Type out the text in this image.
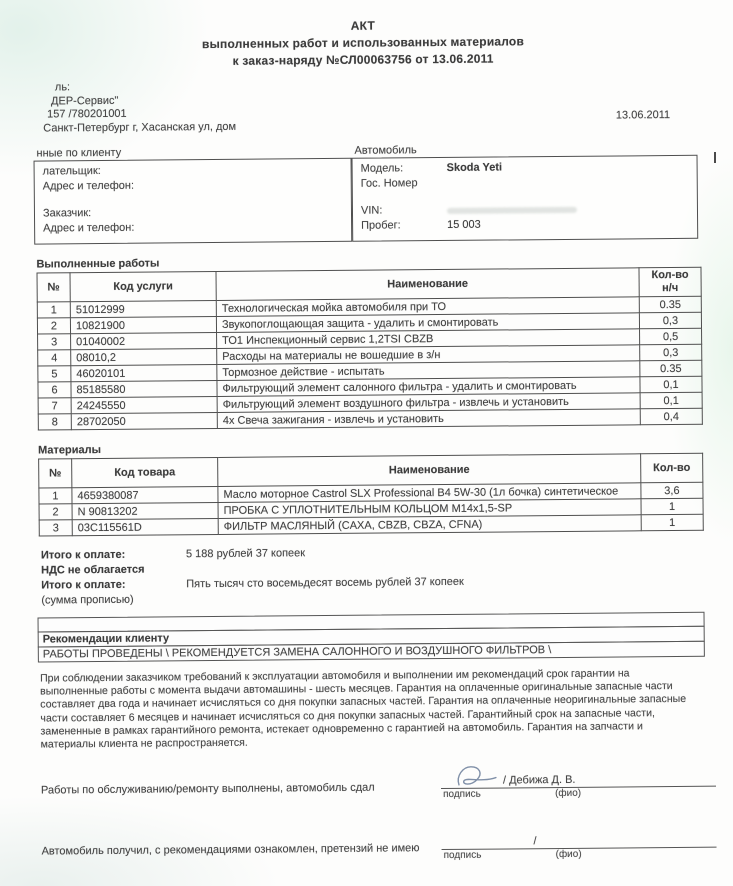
АКТ
выполненных работ и использованных материалов
к заказ-наряду №СЛ00063756 от 13.06.2011
ль:
ДЕР-Сервис"
157 /780201001
Санкт-Петербург г, Хасанская ул, дом
13.06.2011
нные по клиенту
лательщик:
Адрес и телефон:
Заказчик:
Адрес и телефон:
Автомобиль
Модель:	Skoda Yeti
Гос. Номер
VIN:
Пробег:	15 003
Выполненные работы
№	Код услуги	Наименование	Кол-во
н/ч
1	51012999	Технологическая мойка автомобиля при ТО	0.35
2	10821900	Звукопоглощающая защита - удалить и смонтировать	0,3
3	01040002	ТО1 Инспекционный сервис 1,2TSI CBZB	0,5
4	08010,2	Расходы на материалы не вошедшие в з/н	0,3
5	46020101	Тормозное действие - испытать	0.35
6	85185580	Фильтрующий элемент салонного фильтра - удалить и смонтировать	0,1
7	24245550	Фильтрующий элемент воздушного фильтра - извлечь и установить	0,1
8	28702050	4х Свеча зажигания - извлечь и установить	0,4
Материалы
№	Код товара	Наименование	Кол-во
1	4659380087	Масло моторное Castrol SLX Professional B4 5W-30 (1л бочка) синтетическое	3,6
2	N 90813202	ПРОБКА С УПЛОТНИТЕЛЬНЫМ КОЛЬЦОМ M14x1,5-SP	1
3	03C115561D	ФИЛЬТР МАСЛЯНЫЙ (CAXA, CBZB, CBZA, CFNA)	1
Итого к оплате:	5 188 рублей 37 копеек
НДС не облагается
Итого к оплате:	Пять тысяч сто восемьдесят восемь рублей 37 копеек
(сумма прописью)
Рекомендации клиенту
РАБОТЫ ПРОВЕДЕНЫ \ РЕКОМЕНДУЕТСЯ ЗАМЕНА САЛОННОГО И ВОЗДУШНОГО ФИЛЬТРОВ \
При соблюдении заказчиком требований к эксплуатации автомобиля и выполнении им рекомендаций срок гарантии на выполненные работы с момента выдачи автомашины - шесть месяцев. Гарантия на оплаченные оригинальные запасные части составляет два года и начинает исчисляться со дня покупки запасных частей. Гарантия на оплаченные неоригинальные запасные части составляет 6 месяцев и начинает исчисляться со дня покупки запасных частей. Гарантийный срок на запасные части, замененные в рамках гарантийного ремонта, истекает одновременно с гарантией на автомобиль. Гарантия на запчасти и материалы клиента не распространяется.
Работы по обслуживанию/ремонту выполнены, автомобиль сдал
/ Дебижа Д. В.
подпись	(фио)
Автомобиль получил, с рекомендациями ознакомлен, претензий не имею
/
подпись	(фио)
